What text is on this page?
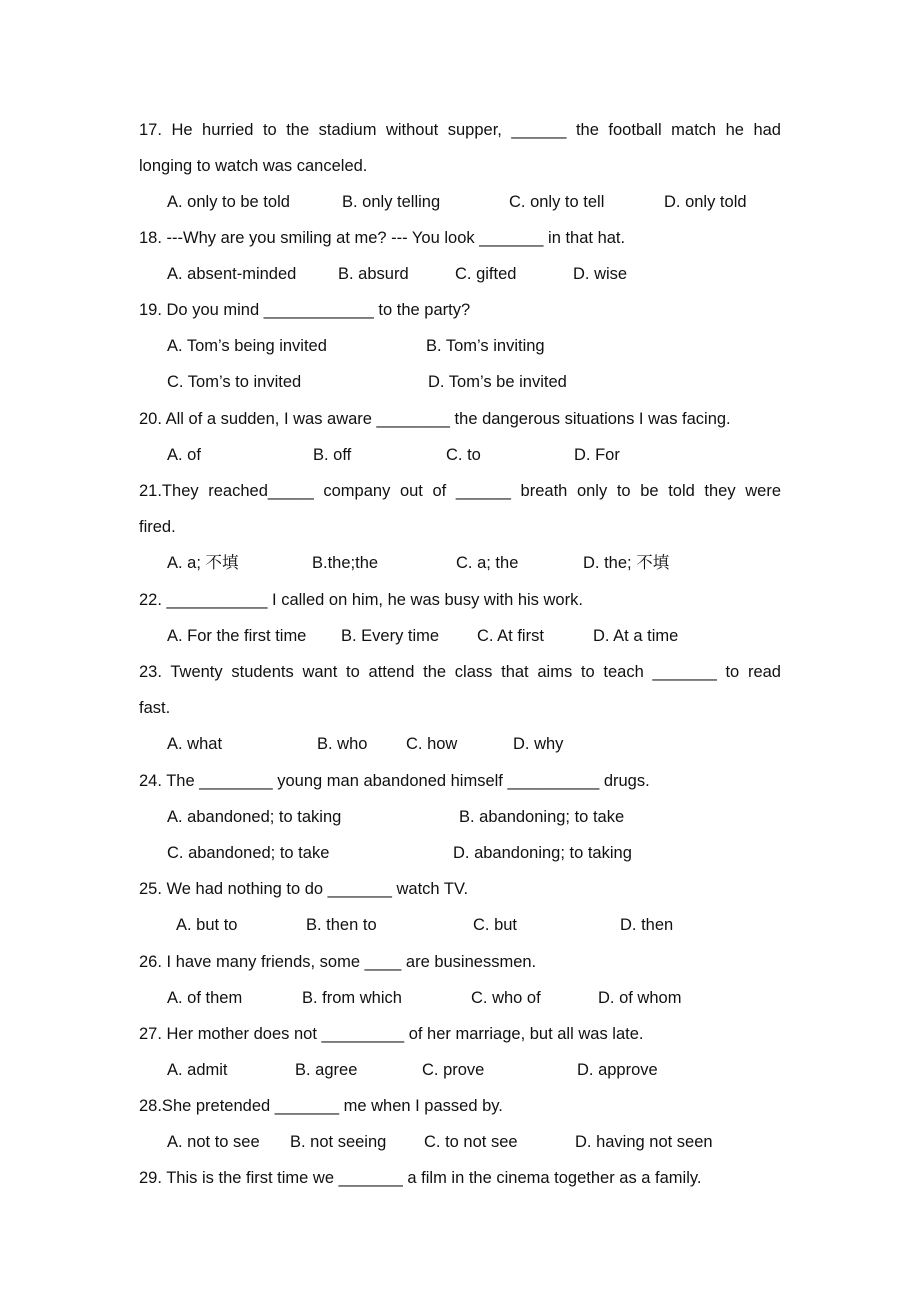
17. He hurried to the stadium without supper, ______ the football match he had
longing to watch was canceled.
A. only to be told	B. only telling	C. only to tell	D. only told
18. ---Why are you smiling at me? --- You look _______ in that hat.
A. absent-minded	B. absurd	C. gifted	D. wise
19. Do you mind ____________ to the party?
A. Tom’s being invited	B. Tom’s inviting
C. Tom’s to invited	D. Tom’s be invited
20. All of a sudden, I was aware ________ the dangerous situations I was facing.
A. of	B. off	C. to	D. For
21.They reached_____ company out of ______ breath only to be told they were
fired.
A. a; 不填	B.the;the	C. a; the	D. the; 不填
22. ___________ I called on him, he was busy with his work.
A. For the first time B. Every time C. At first	D. At a time
23. Twenty students want to attend the class that aims to teach _______ to read
fast.
A. what	B. who C. how	D. why
24. The ________ young man abandoned himself __________ drugs.
A. abandoned; to taking	B. abandoning; to take
C. abandoned; to take	D. abandoning; to taking
25. We had nothing to do _______ watch TV.
A. but to	B. then to	C. but	D. then
26. I have many friends, some ____ are businessmen.
A. of them	B. from which	C. who of	D. of whom
27. Her mother does not _________ of her marriage, but all was late.
A. admit	B. agree	C. prove	D. approve
28.She pretended _______ me when I passed by.
A. not to see B. not seeing C. to not see	D. having not seen
29. This is the first time we _______ a film in the cinema together as a family.
